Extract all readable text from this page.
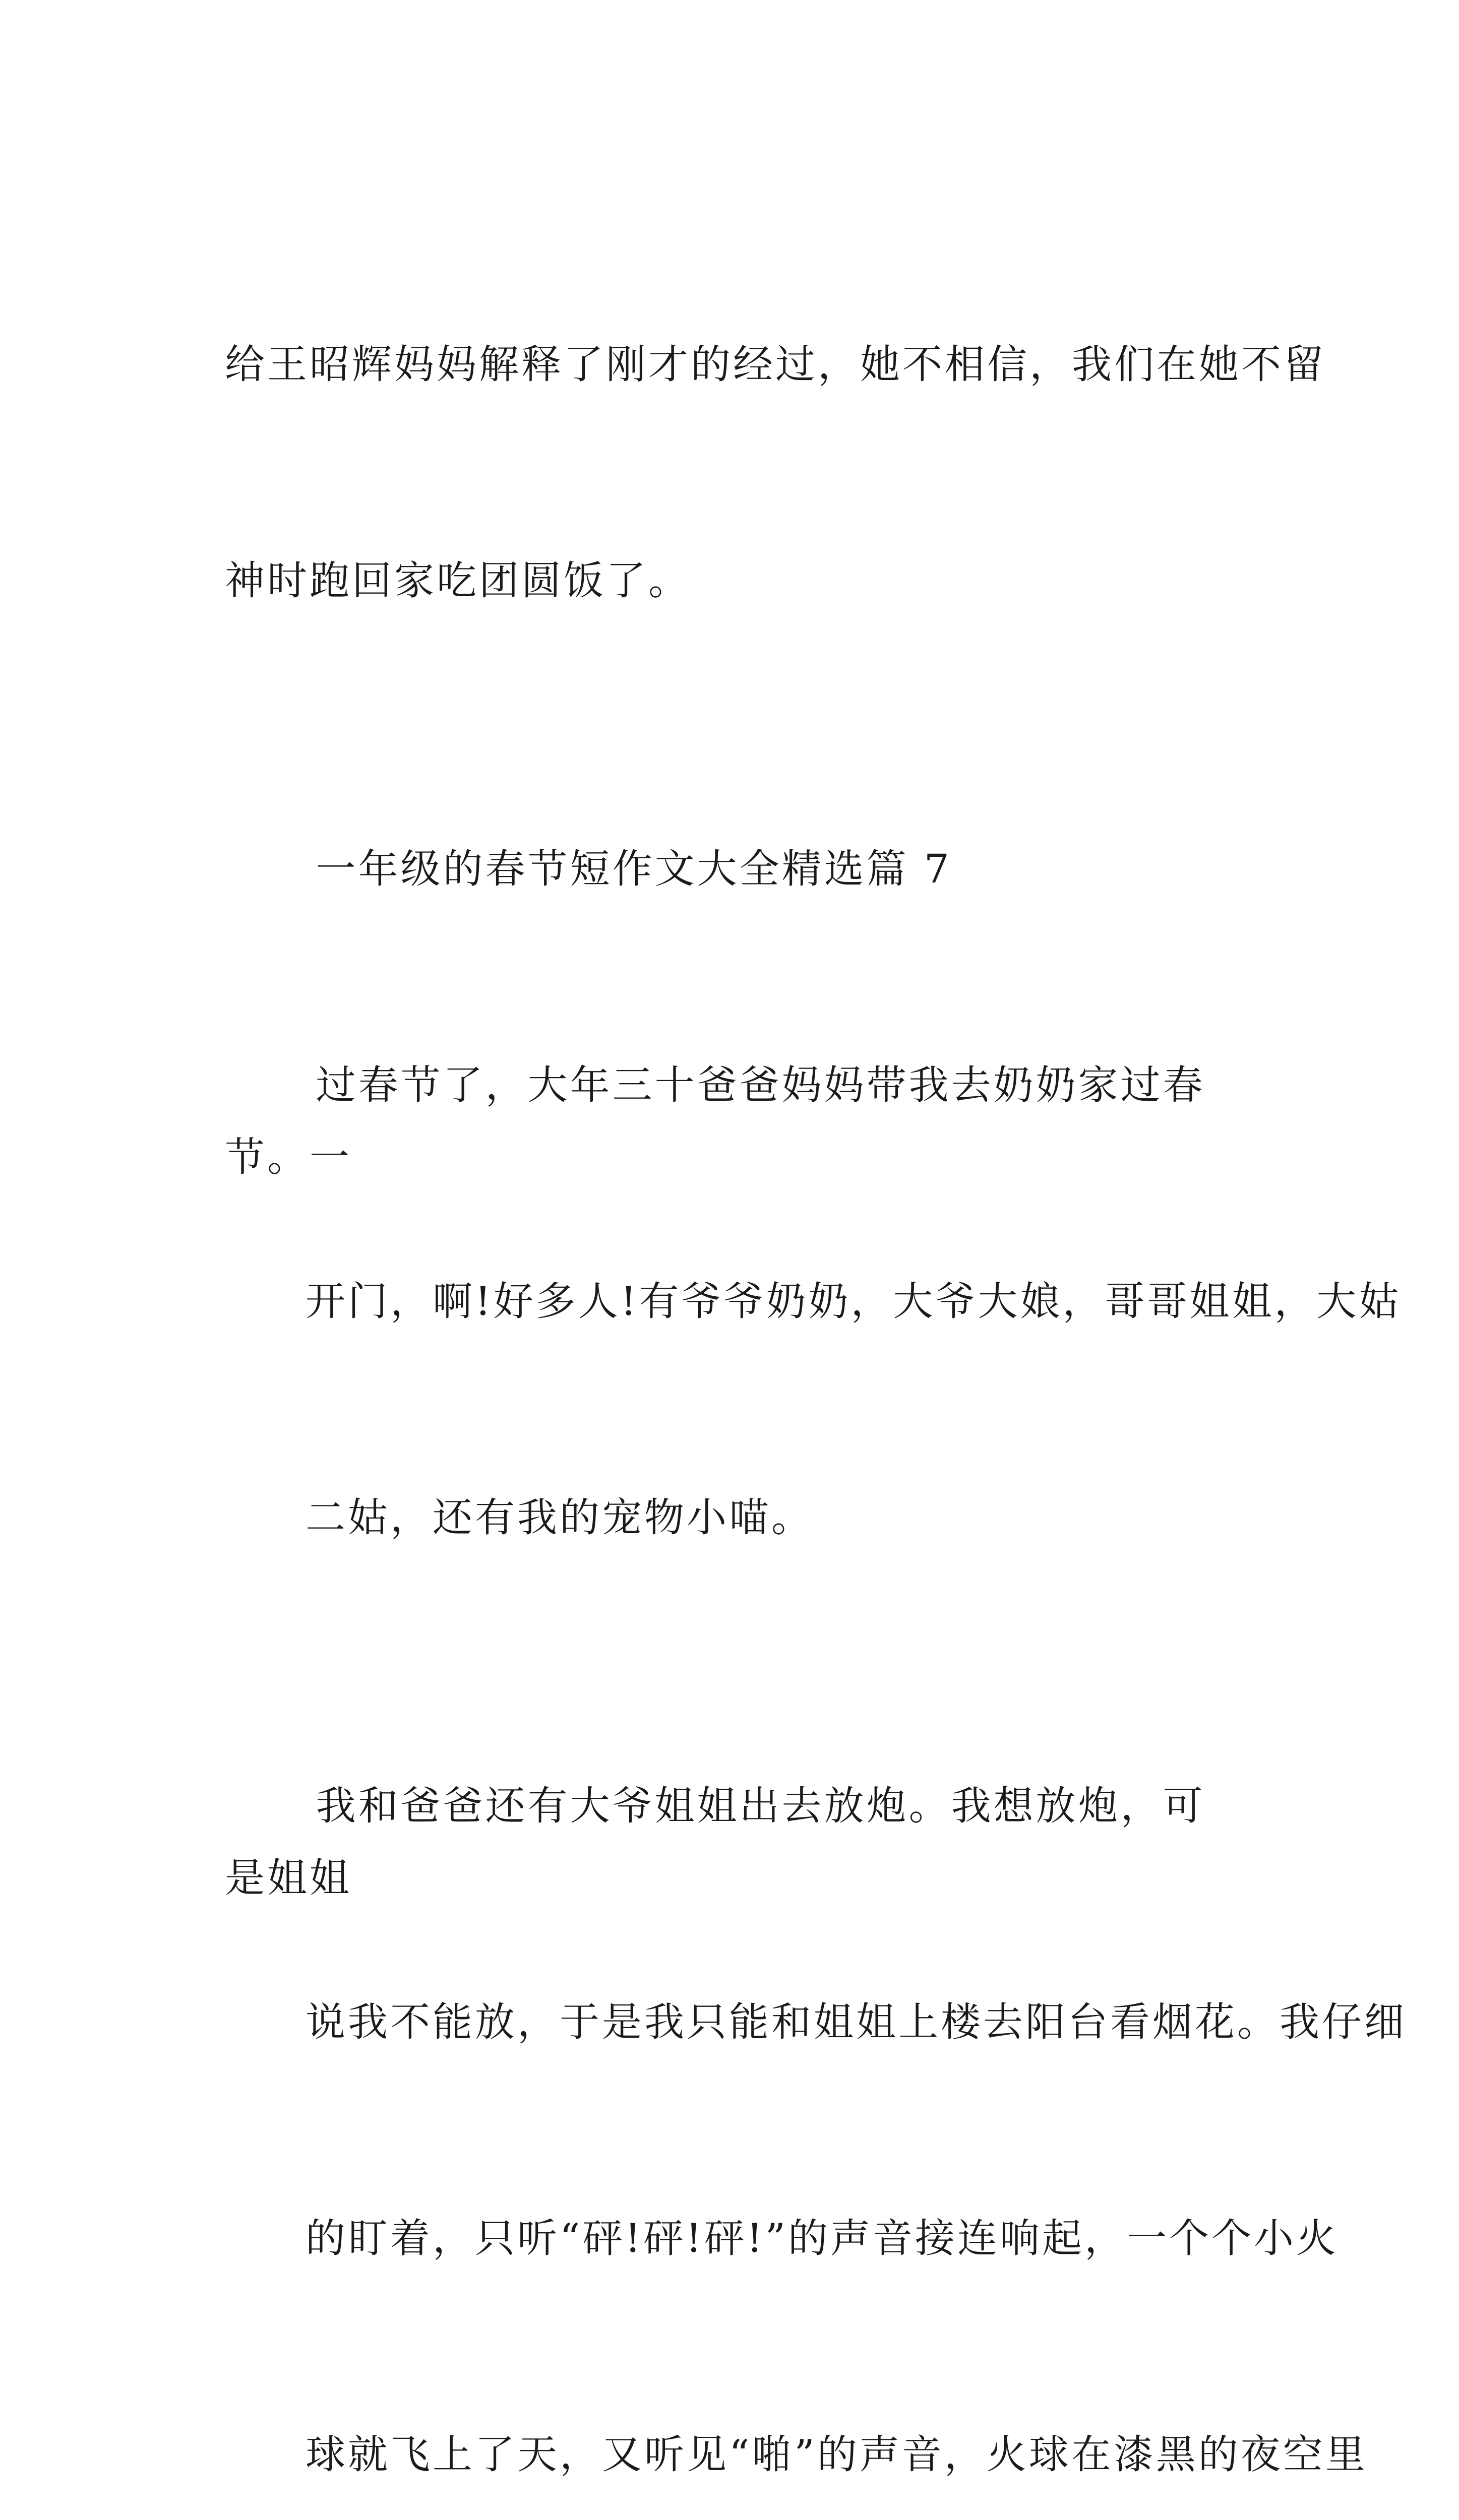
给王昭辉妈妈解释了刚才的经过，她不相信，我们在她不留

神时跑回家吃团圆饭了。

一年级的春节短作文大全精选篇 7

过春节了，大年三十爸爸妈妈带我去奶奶家过春节。一

开门，啊!好多人!有爷爷奶奶，大爷大娘，哥哥姐姐，大姑

二姑，还有我的宠物小喵。

我和爸爸还有大爷姐姐出去放炮。我想放炮，可是姐姐

说我不能放，于是我只能和姐姐上楼去阳台看烟花。我仔细

的盯着，只听“砰!砰!砰!”的声音接连响起，一个个小火

球就飞上了天，又听见“啪”的声音，火球在漆黑的夜空里
